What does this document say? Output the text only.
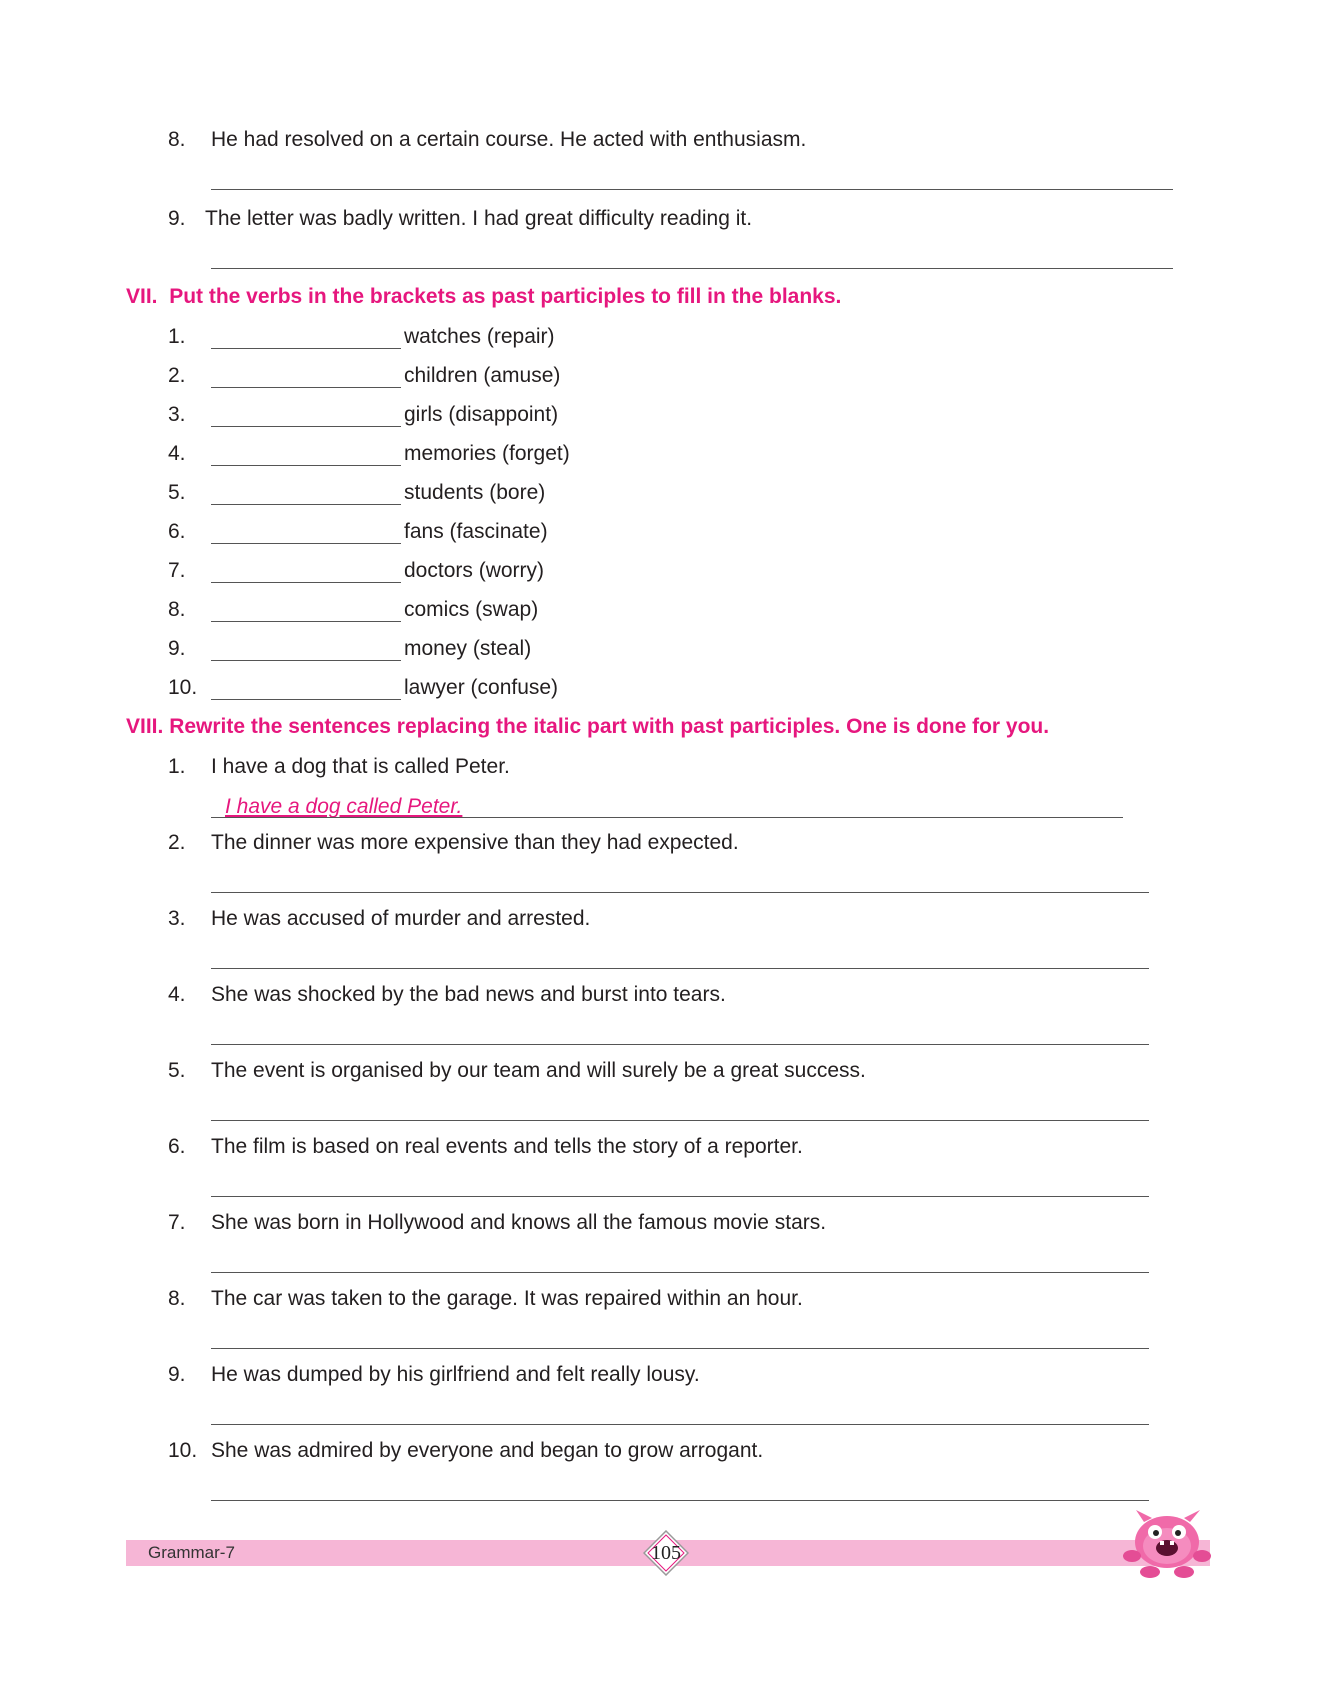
8. He had resolved on a certain course. He acted with enthusiasm.
9. The letter was badly written. I had great difficulty reading it.
VII. Put the verbs in the brackets as past participles to fill in the blanks.
1.	watches (repair)
2.	children (amuse)
3.	girls (disappoint)
4.	memories (forget)
5.	students (bore)
6.	fans (fascinate)
7.	doctors (worry)
8.	comics (swap)
9.	money (steal)
10.	lawyer (confuse)
VIII. Rewrite the sentences replacing the italic part with past participles. One is done for you.
1. I have a dog that is called Peter.
I have a dog called Peter.
2. The dinner was more expensive than they had expected.
3. He was accused of murder and arrested.
4. She was shocked by the bad news and burst into tears.
5. The event is organised by our team and will surely be a great success.
6. The film is based on real events and tells the story of a reporter.
7. She was born in Hollywood and knows all the famous movie stars.
8. The car was taken to the garage. It was repaired within an hour.
9. He was dumped by his girlfriend and felt really lousy.
10. She was admired by everyone and began to grow arrogant.
Grammar-7	105
